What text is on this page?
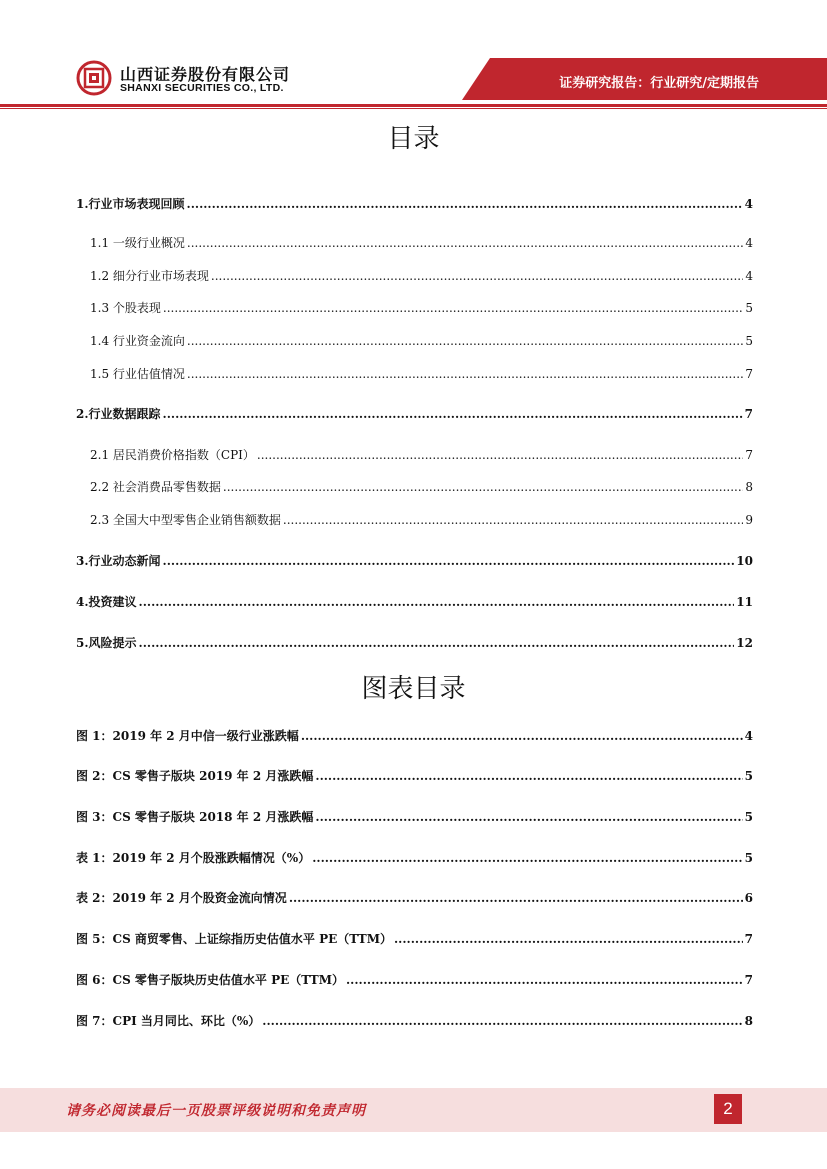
证券研究报告：行业研究/定期报告
山西证券股份有限公司
SHANXI SECURITIES CO., LTD.
目录
1.行业市场表现回顾 .....	4
1.1 一级行业概况 .....	4
1.2 细分行业市场表现 .....	4
1.3 个股表现 .....	5
1.4 行业资金流向 .....	5
1.5 行业估值情况 .....	7
2.行业数据跟踪 .....	7
2.1 居民消费价格指数（CPI） .....	7
2.2 社会消费品零售数据 .....	8
2.3 全国大中型零售企业销售额数据 .....	9
3.行业动态新闻 .....	10
4.投资建议 .....	11
5.风险提示 .....	12
图表目录
图 1：2019 年 2 月中信一级行业涨跌幅 .....	4
图 2：CS 零售子版块 2019 年 2 月涨跌幅 .....	5
图 3：CS 零售子版块 2018 年 2 月涨跌幅 .....	5
表 1：2019 年 2 月个股涨跌幅情况（%） .....	5
表 2：2019 年 2 月个股资金流向情况 .....	6
图 5：CS 商贸零售、上证综指历史估值水平 PE（TTM） .....	7
图 6：CS 零售子版块历史估值水平 PE（TTM） .....	7
图 7：CPI 当月同比、环比（%） .....	8
请务必阅读最后一页股票评级说明和免责声明	2
